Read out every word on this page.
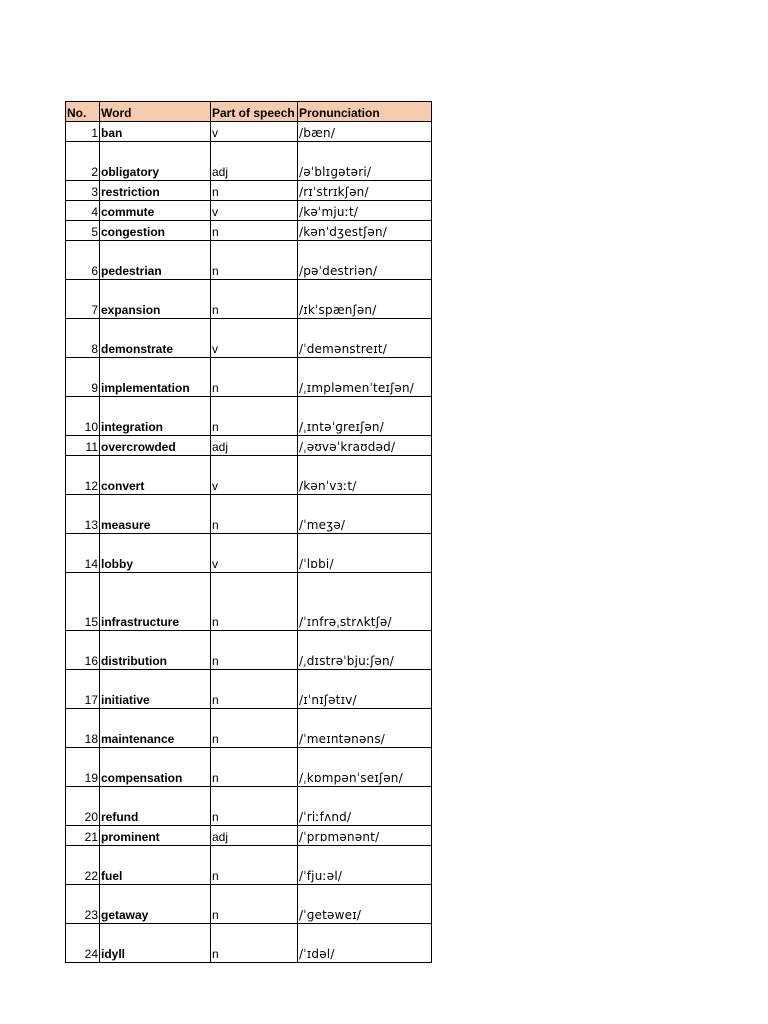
No.	Word	Part of speech	Pronunciation
1	ban	v	/bæn/
2	obligatory	adj	/əˈblɪɡətəri/
3	restriction	n	/rɪˈstrɪkʃən/
4	commute	v	/kəˈmjuːt/
5	congestion	n	/kənˈdʒestʃən/
6	pedestrian	n	/pəˈdestriən/
7	expansion	n	/ɪkˈspænʃən/
8	demonstrate	v	/ˈdemənstreɪt/
9	implementation	n	/ˌɪmpləmenˈteɪʃən/
10	integration	n	/ˌɪntəˈɡreɪʃən/
11	overcrowded	adj	/ˌəʊvəˈkraʊdəd/
12	convert	v	/kənˈvɜːt/
13	measure	n	/ˈmeʒə/
14	lobby	v	/ˈlɒbi/
15	infrastructure	n	/ˈɪnfrəˌstrʌktʃə/
16	distribution	n	/ˌdɪstrəˈbjuːʃən/
17	initiative	n	/ɪˈnɪʃətɪv/
18	maintenance	n	/ˈmeɪntənəns/
19	compensation	n	/ˌkɒmpənˈseɪʃən/
20	refund	n	/ˈriːfʌnd/
21	prominent	adj	/ˈprɒmənənt/
22	fuel	n	/ˈfjuːəl/
23	getaway	n	/ˈɡetəweɪ/
24	idyll	n	/ˈɪdəl/
